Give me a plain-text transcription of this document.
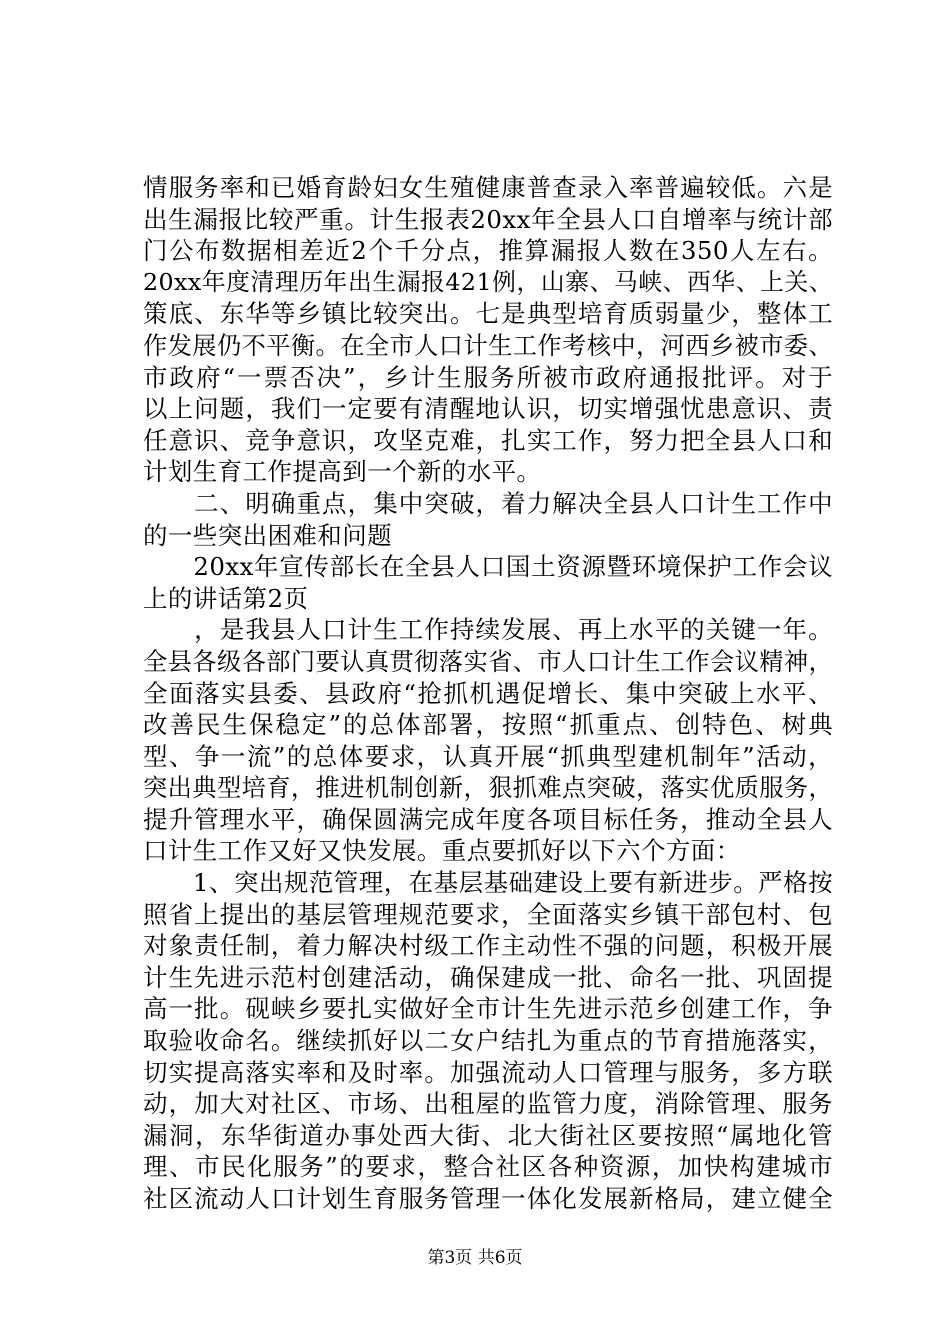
情服务率和已婚育龄妇女生殖健康普查录入率普遍较低。六是
出生漏报比较严重。计生报表20xx年全县人口自增率与统计部
门公布数据相差近2个千分点，推算漏报人数在350人左右。
20xx年度清理历年出生漏报421例，山寨、马峡、西华、上关、
策底、东华等乡镇比较突出。七是典型培育质弱量少，整体工
作发展仍不平衡。在全市人口计生工作考核中，河西乡被市委、
市政府“一票否决”，乡计生服务所被市政府通报批评。对于
以上问题，我们一定要有清醒地认识，切实增强忧患意识、责
任意识、竞争意识，攻坚克难，扎实工作，努力把全县人口和
计划生育工作提高到一个新的水平。
　　二、明确重点，集中突破，着力解决全县人口计生工作中
的一些突出困难和问题
　　20xx年宣传部长在全县人口国土资源暨环境保护工作会议
上的讲话第2页
　　，是我县人口计生工作持续发展、再上水平的关键一年。
全县各级各部门要认真贯彻落实省、市人口计生工作会议精神，
全面落实县委、县政府“抢抓机遇促增长、集中突破上水平、
改善民生保稳定”的总体部署，按照“抓重点、创特色、树典
型、争一流”的总体要求，认真开展“抓典型建机制年”活动，
突出典型培育，推进机制创新，狠抓难点突破，落实优质服务，
提升管理水平，确保圆满完成年度各项目标任务，推动全县人
口计生工作又好又快发展。重点要抓好以下六个方面：
　　1、突出规范管理，在基层基础建设上要有新进步。严格按
照省上提出的基层管理规范要求，全面落实乡镇干部包村、包
对象责任制，着力解决村级工作主动性不强的问题，积极开展
计生先进示范村创建活动，确保建成一批、命名一批、巩固提
高一批。砚峡乡要扎实做好全市计生先进示范乡创建工作，争
取验收命名。继续抓好以二女户结扎为重点的节育措施落实，
切实提高落实率和及时率。加强流动人口管理与服务，多方联
动，加大对社区、市场、出租屋的监管力度，消除管理、服务
漏洞，东华街道办事处西大街、北大街社区要按照“属地化管
理、市民化服务”的要求，整合社区各种资源，加快构建城市
社区流动人口计划生育服务管理一体化发展新格局，建立健全
第3页 共6页
